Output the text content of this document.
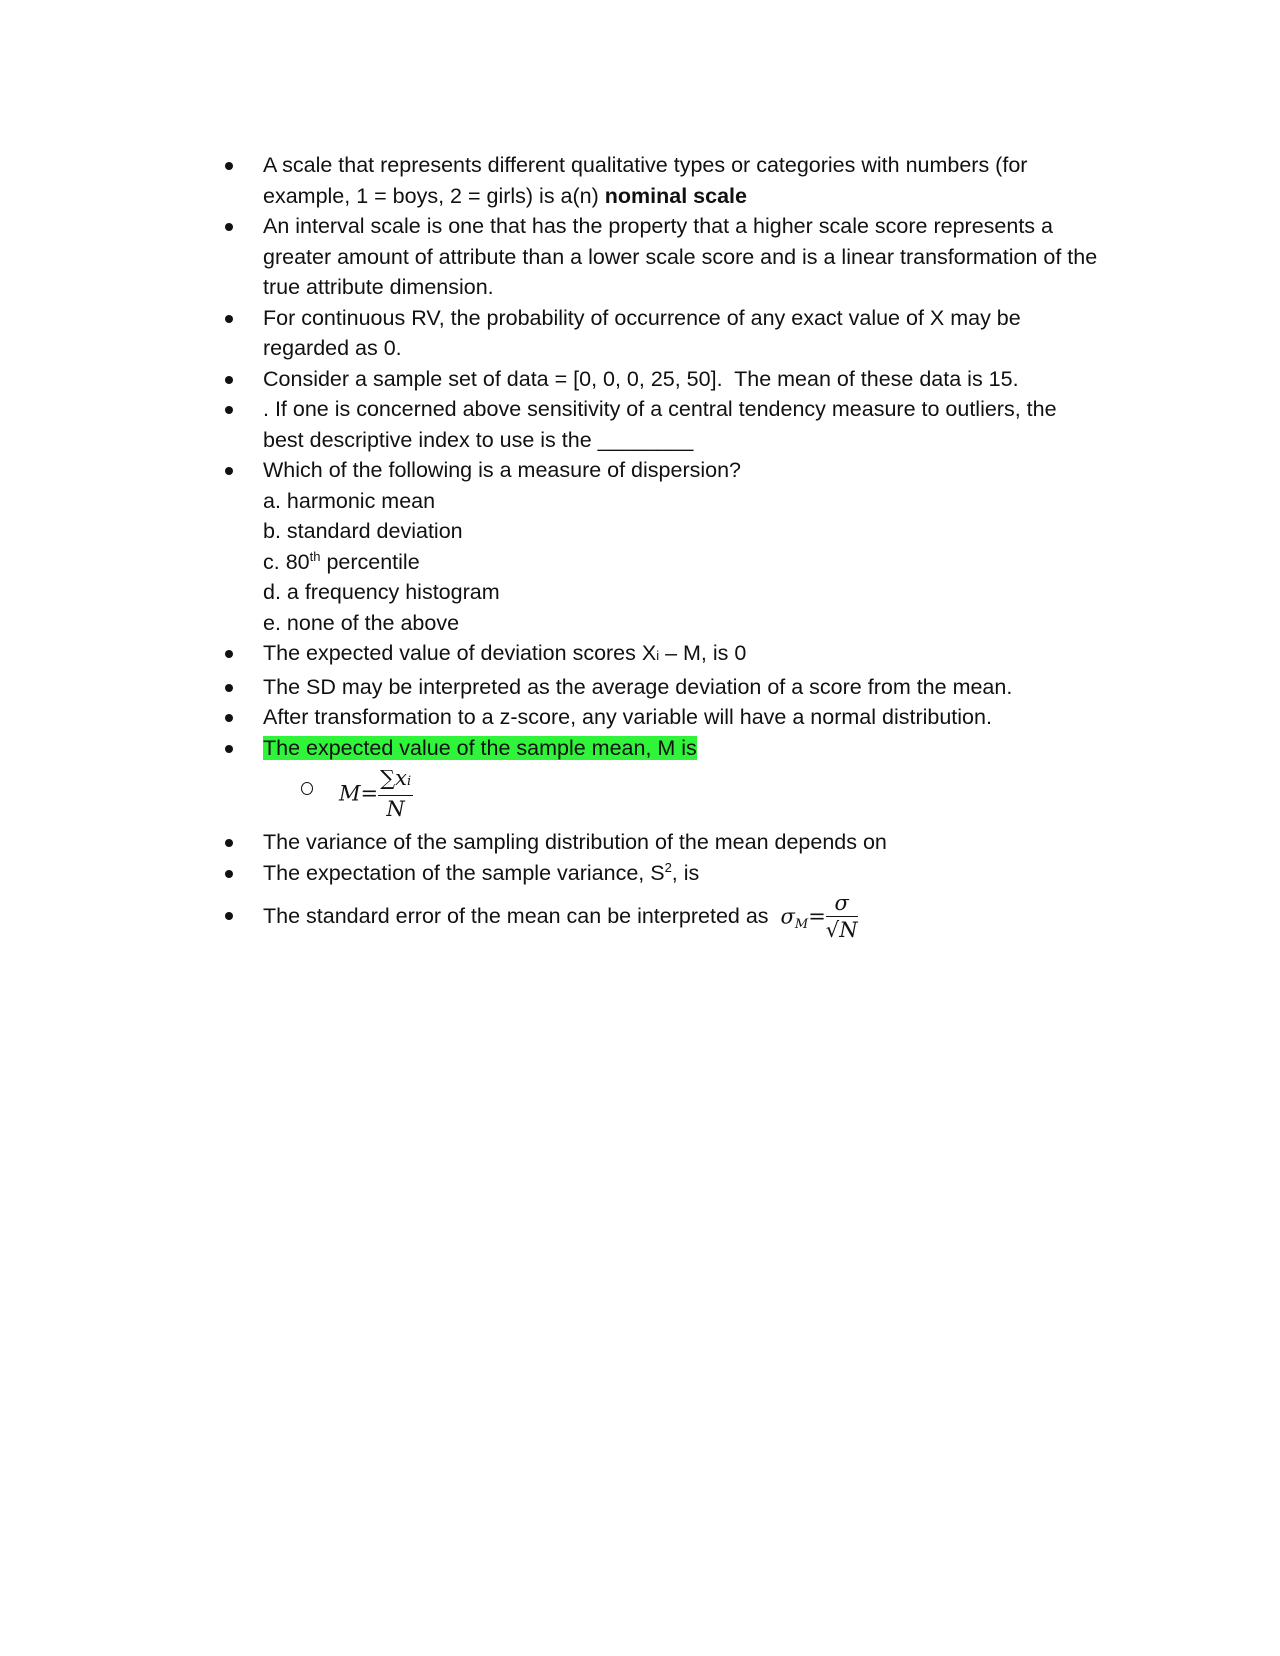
A scale that represents different qualitative types or categories with numbers (for example, 1 = boys, 2 = girls) is a(n) nominal scale
An interval scale is one that has the property that a higher scale score represents a greater amount of attribute than a lower scale score and is a linear transformation of the true attribute dimension.
For continuous RV, the probability of occurrence of any exact value of X may be regarded as 0.
Consider a sample set of data = [0, 0, 0, 25, 50].  The mean of these data is 15.
. If one is concerned above sensitivity of a central tendency measure to outliers, the best descriptive index to use is the ________
Which of the following is a measure of dispersion?
a. harmonic mean
b. standard deviation
c. 80th percentile
d. a frequency histogram
e. none of the above
The expected value of deviation scores Xi – M, is 0
The SD may be interpreted as the average deviation of a score from the mean.
After transformation to a z-score, any variable will have a normal distribution.
The expected value of the sample mean, M is
$M= \frac{\sum xi}{N}$
The variance of the sampling distribution of the mean depends on
The expectation of the sample variance, $S^2$, is
The standard error of the mean can be interpreted as $\sigma_M= \frac{\sigma}{√N}$
